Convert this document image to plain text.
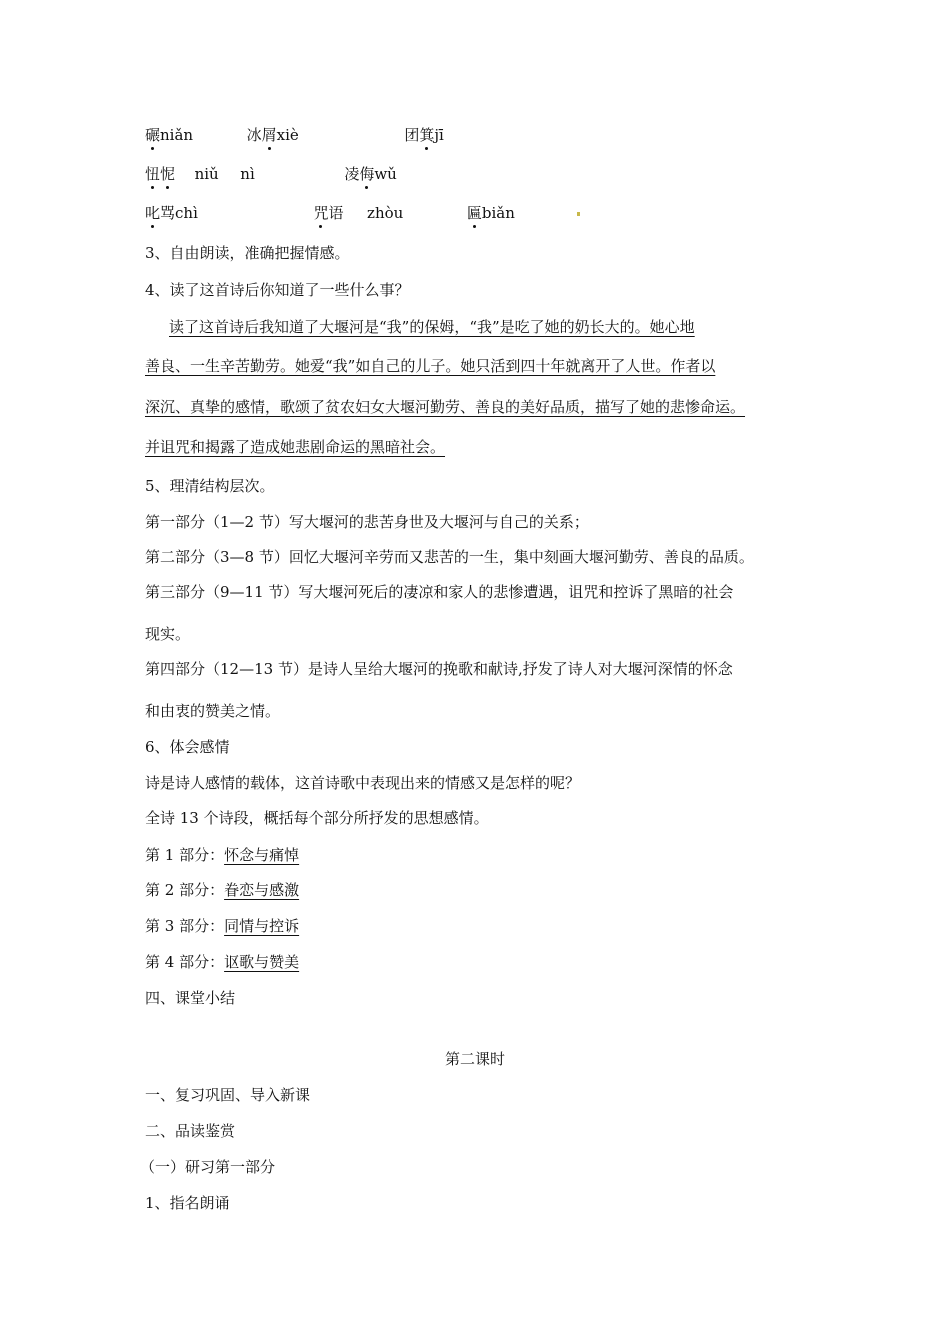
碾niǎn	冰屑xiè	团箕jī
忸怩 niǔ nì	凌侮wǔ
叱骂chì	咒语 zhòu	匾biǎn
3、自由朗读，准确把握情感。
4、读了这首诗后你知道了一些什么事？
读了这首诗后我知道了大堰河是“我”的保姆，“我”是吃了她的奶长大的。她心地
善良、一生辛苦勤劳。她爱“我”如自己的儿子。她只活到四十年就离开了人世。作者以
深沉、真挚的感情，歌颂了贫农妇女大堰河勤劳、善良的美好品质，描写了她的悲惨命运。
并诅咒和揭露了造成她悲剧命运的黑暗社会。
5、理清结构层次。
第一部分（1—2 节）写大堰河的悲苦身世及大堰河与自己的关系；
第二部分（3—8 节）回忆大堰河辛劳而又悲苦的一生，集中刻画大堰河勤劳、善良的品质。
第三部分（9—11 节）写大堰河死后的凄凉和家人的悲惨遭遇，诅咒和控诉了黑暗的社会
现实。
第四部分（12—13 节）是诗人呈给大堰河的挽歌和献诗,抒发了诗人对大堰河深情的怀念
和由衷的赞美之情。
6、体会感情
诗是诗人感情的载体，这首诗歌中表现出来的情感又是怎样的呢？
全诗 13 个诗段，概括每个部分所抒发的思想感情。
第 1 部分：怀念与痛悼
第 2 部分：眷恋与感激
第 3 部分：同情与控诉
第 4 部分：讴歌与赞美
四、课堂小结
第二课时
一、复习巩固、导入新课
二、品读鉴赏
（一）研习第一部分
1、指名朗诵
